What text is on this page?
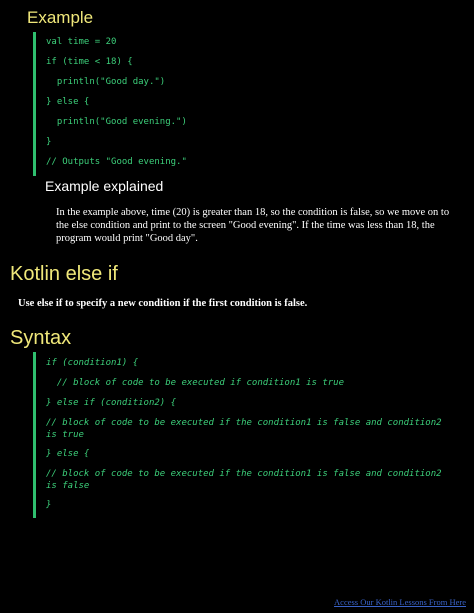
Example
val time = 20
if (time < 18) {
println("Good day.")
} else {
println("Good evening.")
}
// Outputs "Good evening."
Example explained
In the example above, time (20) is greater than 18, so the condition is false, so we move on to the else condition and print to the screen "Good evening". If the time was less than 18, the program would print "Good day".
Kotlin else if
Use else if to specify a new condition if the first condition is false.
Syntax
if (condition1) {
// block of code to be executed if condition1 is true
} else if (condition2) {
// block of code to be executed if the condition1 is false and condition2 is true
} else {
// block of code to be executed if the condition1 is false and condition2 is false
}
Access Our Kotlin Lessons From Here
